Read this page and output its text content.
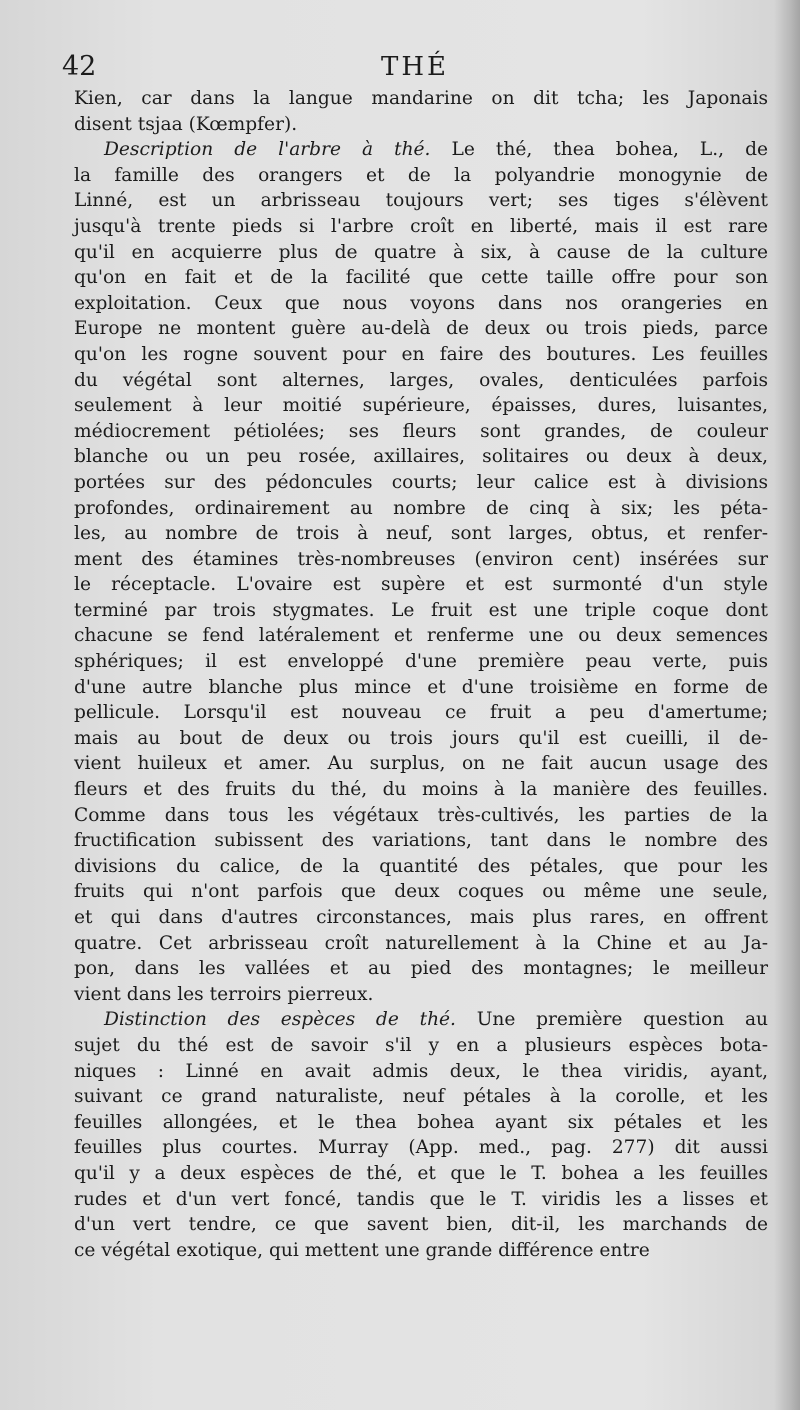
42	THÉ

Kien, car dans la langue mandarine on dit tcha; les Japonais
disent tsjaa (Kœmpfer).

Description de l'arbre à thé. Le thé, thea bohea, L., de
la famille des orangers et de la polyandrie monogynie de
Linné, est un arbrisseau toujours vert; ses tiges s'élèvent
jusqu'à trente pieds si l'arbre croît en liberté, mais il est rare
qu'il en acquierre plus de quatre à six, à cause de la culture
qu'on en fait et de la facilité que cette taille offre pour son
exploitation. Ceux que nous voyons dans nos orangeries en
Europe ne montent guère au-delà de deux ou trois pieds, parce
qu'on les rogne souvent pour en faire des boutures. Les feuilles
du végétal sont alternes, larges, ovales, denticulées parfois
seulement à leur moitié supérieure, épaisses, dures, luisantes,
médiocrement pétiolées; ses fleurs sont grandes, de couleur
blanche ou un peu rosée, axillaires, solitaires ou deux à deux,
portées sur des pédoncules courts; leur calice est à divisions
profondes, ordinairement au nombre de cinq à six; les péta-
les, au nombre de trois à neuf, sont larges, obtus, et renfer-
ment des étamines très-nombreuses (environ cent) insérées sur
le réceptacle. L'ovaire est supère et est surmonté d'un style
terminé par trois stygmates. Le fruit est une triple coque dont
chacune se fend latéralement et renferme une ou deux semences
sphériques; il est enveloppé d'une première peau verte, puis
d'une autre blanche plus mince et d'une troisième en forme de
pellicule. Lorsqu'il est nouveau ce fruit a peu d'amertume;
mais au bout de deux ou trois jours qu'il est cueilli, il de-
vient huileux et amer. Au surplus, on ne fait aucun usage des
fleurs et des fruits du thé, du moins à la manière des feuilles.
Comme dans tous les végétaux très-cultivés, les parties de la
fructification subissent des variations, tant dans le nombre des
divisions du calice, de la quantité des pétales, que pour les
fruits qui n'ont parfois que deux coques ou même une seule,
et qui dans d'autres circonstances, mais plus rares, en offrent
quatre. Cet arbrisseau croît naturellement à la Chine et au Ja-
pon, dans les vallées et au pied des montagnes; le meilleur
vient dans les terroirs pierreux.

Distinction des espèces de thé. Une première question au
sujet du thé est de savoir s'il y en a plusieurs espèces bota-
niques : Linné en avait admis deux, le thea viridis, ayant,
suivant ce grand naturaliste, neuf pétales à la corolle, et les
feuilles allongées, et le thea bohea ayant six pétales et les
feuilles plus courtes. Murray (App. med., pag. 277) dit aussi
qu'il y a deux espèces de thé, et que le T. bohea a les feuilles
rudes et d'un vert foncé, tandis que le T. viridis les a lisses et
d'un vert tendre, ce que savent bien, dit-il, les marchands de
ce végétal exotique, qui mettent une grande différence entre
